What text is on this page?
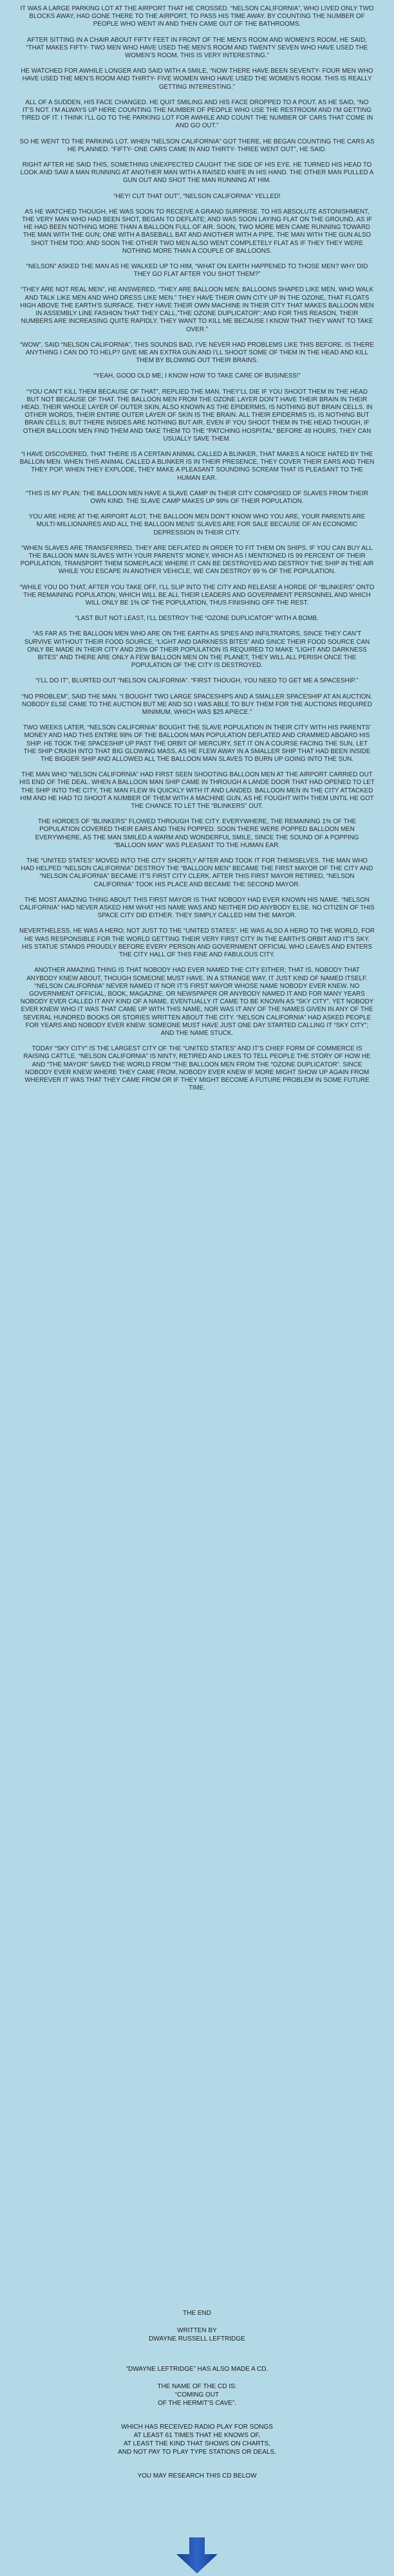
IT WAS A LARGE PARKING LOT AT THE AIRPORT THAT HE CROSSED. “NELSON CALIFORNIA”, WHO LIVED ONLY TWO BLOCKS AWAY, HAD GONE THERE TO THE AIRPORT, TO PASS HIS TIME AWAY. BY COUNTING THE NUMBER OF PEOPLE WHO WENT IN AND THEN CAME OUT OF THE BATHROOMS.

AFTER SITTING IN A CHAIR ABOUT FIFTY FEET IN FRONT OF THE MEN’S ROOM AND WOMEN’S ROOM, HE SAID, “THAT MAKES FIFTY- TWO MEN WHO HAVE USED THE MEN’S ROOM AND TWENTY SEVEN WHO HAVE USED THE WOMEN’S ROOM. THIS IS VERY INTERESTING.”

HE WATCHED FOR AWHILE LONGER AND SAID WITH A SMILE, “NOW THERE HAVE BEEN SEVENTY- FOUR MEN WHO HAVE USED THE MEN’S ROOM AND THIRTY- FIVE WOMEN WHO HAVE USED THE WOMEN’S ROOM. THIS IS REALLY GETTING INTERESTING.”

ALL OF A SUDDEN, HIS FACE CHANGED. HE QUIT SMILING AND HIS FACE DROPPED TO A POUT. AS HE SAID, “NO IT’S NOT. I’M ALWAYS UP HERE COUNTING THE NUMBER OF PEOPLE WHO USE THE RESTROOM AND I’M GETTING TIRED OF IT. I THINK I’LL GO TO THE PARKING LOT FOR AWHILE AND COUNT THE NUMBER OF CARS THAT COME IN AND GO OUT.”

SO HE WENT TO THE PARKING LOT. WHEN “NELSON CALIFORNIA” GOT THERE, HE BEGAN COUNTING THE CARS AS HE PLANNED. “FIFTY- ONE CARS CAME IN AND THIRTY- THREE WENT OUT”, HE SAID.

RIGHT AFTER HE SAID THIS, SOMETHING UNEXPECTED CAUGHT THE SIDE OF HIS EYE. HE TURNED HIS HEAD TO LOOK AND SAW A MAN RUNNING AT ANOTHER MAN WITH A RAISED KNIFE IN HIS HAND. THE OTHER MAN PULLED A GUN OUT AND SHOT THE MAN RUNNING AT HIM.

“HEY! CUT THAT OUT”, “NELSON CALIFORNIA” YELLED!

AS HE WATCHED THOUGH, HE WAS SOON TO RECEIVE A GRAND SURPRISE. TO HIS ABSOLUTE ASTONISHMENT, THE VERY MAN WHO HAD BEEN SHOT, BEGAN TO DEFLATE; AND WAS SOON LAYING FLAT ON THE GROUND, AS IF HE HAD BEEN NOTHING MORE THAN A BALLOON FULL OF AIR. SOON, TWO MORE MEN CAME RUNNING TOWARD THE MAN WITH THE GUN; ONE WITH A BASEBALL BAT AND ANOTHER WITH A PIPE. THE MAN WITH THE GUN ALSO SHOT THEM TOO; AND SOON THE OTHER TWO MEN ALSO WENT COMPLETELY FLAT AS IF THEY THEY WERE NOTHING MORE THAN A COUPLE OF BALLOONS.

“NELSON” ASKED THE MAN AS HE WALKED UP TO HIM, “WHAT ON EARTH HAPPENED TO THOSE MEN? WHY DID THEY GO FLAT AFTER YOU SHOT THEM?”

“THEY ARE NOT REAL MEN”, HE ANSWERED. “THEY ARE BALLOON MEN; BALLOONS SHAPED LIKE MEN, WHO WALK AND TALK LIKE MEN AND WHO DRESS LIKE MEN.” THEY HAVE THEIR OWN CITY UP IN THE OZONE, THAT FLOATS HIGH ABOVE THE EARTH’S SURFACE. THEY HAVE THEIR OWN MACHINE IN THEIR CITY THAT MAKES BALLOON MEN IN ASSEMBLY LINE FASHION THAT THEY CALL,”THE OZONE DUPLICATOR”; AND FOR THIS REASON, THEIR NUMBERS ARE INCREASING QUITE RAPIDLY. THEY WANT TO KILL ME BECAUSE I KNOW THAT THEY WANT TO TAKE OVER.”

“WOW”, SAID “NELSON CALIFORNIA”, THIS SOUNDS BAD, I’VE NEVER HAD PROBLEMS LIKE THIS BEFORE. IS THERE ANYTHING I CAN DO TO HELP? GIVE ME AN EXTRA GUN AND I’LL SHOOT SOME OF THEM IN THE HEAD AND KILL THEM BY BLOWING OUT THEIR BRAINS.

“YEAH, GOOD OLD ME; I KNOW HOW TO TAKE CARE OF BUSINESS!”

“YOU CAN’T KILL THEM BECAUSE OF THAT”, REPLIED THE MAN. THEY’LL DIE IF YOU SHOOT THEM IN THE HEAD BUT NOT BECAUSE OF THAT. THE BALLOON MEN FROM THE OZONE LAYER DON’T HAVE THEIR BRAIN IN THEIR HEAD. THEIR WHOLE LAYER OF OUTER SKIN, ALSO KNOWN AS THE EPIDERMIS, IS NOTHING BUT BRAIN CELLS. IN OTHER WORDS, THEIR ENTIRE OUTER LAYER OF SKIN IS THE BRAIN. ALL THEIR EPIDERMIS IS, IS NOTHING BUT BRAIN CELLS; BUT THERE INSIDES ARE NOTHING BUT AIR. EVEN IF YOU SHOOT THEM IN THE HEAD THOUGH, IF OTHER BALLOON MEN FIND THEM AND TAKE THEM TO THE “PATCHING HOSPITAL” BEFORE 48 HOURS, THEY CAN USUALLY SAVE THEM.

“I HAVE DISCOVERED, THAT THERE IS A CERTAIN ANIMAL CALLED A BLINKER, THAT MAKES A NOICE HATED BY THE BALLON MEN. WHEN THIS ANIMAL CALLED A BLINKER IS IN THEIR PRESENCE, THEY COVER THEIR EARS AND THEN THEY POP. WHEN THEY EXPLODE, THEY MAKE A PLEASANT SOUNDING SCREAM THAT IS PLEASANT TO THE HUMAN EAR.

“THIS IS MY PLAN: THE BALLOON MEN HAVE A SLAVE CAMP IN THEIR CITY COMPOSED OF SLAVES FROM THEIR OWN KIND. THE SLAVE CAMP MAKES UP 99% OF THEIR POPULATION.

YOU ARE HERE AT THE AIRPORT ALOT, THE BALLOON MEN DON’T KNOW WHO YOU ARE, YOUR PARENTS ARE MULTI-MILLIONAIRES AND ALL THE BALLOON MENS’ SLAVES ARE FOR SALE BECAUSE OF AN ECONOMIC DEPRESSION IN THEIR CITY.

“WHEN SLAVES ARE TRANSFERRED, THEY ARE DEFLATED IN ORDER TO FIT THEM ON SHIPS. IF YOU CAN BUY ALL THE BALLOON MAN SLAVES WITH YOUR PARENTS’ MONEY, WHICH AS I MENTIONED IS 99 PERCENT OF THEIR POPULATION, TRANSPORT THEM SOMEPLACE WHERE IT CAN BE DESTROYED AND DESTROY THE SHIP IN THE AIR WHILE YOU ESCAPE IN ANOTHER VEHICLE, WE CAN DESTROY 99 % OF THE POPULATION.

“WHILE YOU DO THAT, AFTER YOU TAKE OFF, I’LL SLIP INTO THE CITY AND RELEASE A HORDE OF “BLINKERS” ONTO THE REMAINING POPULATION, WHICH WILL BE ALL THEIR LEADERS AND GOVERNMENT PERSONNEL AND WHICH WILL ONLY BE 1% OF THE POPULATION, THUS FINISHING OFF THE REST.

“LAST BUT NOT LEAST, I’LL DESTROY THE “OZONE DUPLICATOR” WITH A BOMB.

“AS FAR AS THE BALLOON MEN WHO ARE ON THE EARTH AS SPIES AND INFILTRATORS, SINCE THEY CAN’T SURVIVE WITHOUT THEIR FOOD SOURCE, “LIGHT AND DARKNESS BITES” AND SINCE THEIR FOOD SOURCE CAN ONLY BE MADE IN THEIR CITY AND 25% OF THEIR POPULATION IS REQUIRED TO MAKE “LIGHT AND DARKNESS BITES” AND THERE ARE ONLY A FEW BALLOON MEN ON THE PLANET, THEY WILL ALL PERISH ONCE THE POPULATION OF THE CITY IS DESTROYED.

“I’LL DO IT”, BLURTED OUT “NELSON CALIFORNIA”. “FIRST THOUGH, YOU NEED TO GET ME A SPACESHIP.”

“NO PROBLEM”, SAID THE MAN. “I BOUGHT TWO LARGE SPACESHIPS AND A SMALLER SPACESHIP AT AN AUCTION. NOBODY ELSE CAME TO THE AUCTION BUT ME AND SO I WAS ABLE TO BUY THEM FOR THE AUCTIONS REQUIRED MINIMUM, WHICH WAS $25 APIECE.”

TWO WEEKS LATER, “NELSON CALIFORNIA” BOUGHT THE SLAVE POPULATION IN THEIR CITY WITH HIS PARENTS’ MONEY AND HAD THIS ENTIRE 99% OF THE BALLOON MAN POPULATION DEFLATED AND CRAMMED ABOARD HIS SHIP. HE TOOK THE SPACESHIP UP PAST THE ORBIT OF MERCURY, SET IT ON A COURSE FACING THE SUN, LET THE SHIP CRASH INTO THAT BIG GLOWING MASS, AS HE FLEW AWAY IN A SMALLER SHIP THAT HAD BEEN INSIDE THE BIGGER SHIP AND ALLOWED ALL THE BALLOON MAN SLAVES TO BURN UP GOING INTO THE SUN.

THE MAN WHO “NELSON CALIFORNIA” HAD FIRST SEEN SHOOTING BALLOON MEN AT THE AIRPORT CARRIED OUT HIS END OF THE DEAL. WHEN A BALLOON MAN SHIP CAME IN THROUGH A LANDE DOOR THAT HAD OPENED TO LET THE SHIP INTO THE CITY, THE MAN FLEW IN QUICKLY WITH IT AND LANDED. BALLOON MEN IN THE CITY ATTACKED HIM AND HE HAD TO SHOOT A NUMBER OF THEM WITH A MACHINE GUN, AS HE FOUGHT WITH THEM UNTIL HE GOT THE CHANCE TO LET THE “BLINKERS” OUT.

THE HORDES OF “BLINKERS” FLOWED THROUGH THE CITY. EVERYWHERE, THE REMAINING 1% OF THE POPULATION COVERED THEIR EARS AND THEN POPPED. SOON THERE WERE POPPED BALLOON MEN EVERYWHERE, AS THE MAN SMILED A WARM AND WONDERFUL SMILE, SINCE THE SOUND OF A POPPING “BALLOON MAN” WAS PLEASANT TO THE HUMAN EAR.

THE “UNITED STATES” MOVED INTO THE CITY SHORTLY AFTER AND TOOK IT FOR THEMSELVES. THE MAN WHO HAD HELPED “NELSON CALIFORNIA” DESTROY THE “BALLOON MEN” BECAME THE FIRST MAYOR OF THE CITY AND “NELSON CALIFORNIA” BECAME IT’S FIRST CITY CLERK. AFTER THIS FIRST MAYOR RETIRED, “NELSON CALIFORNIA” TOOK HIS PLACE AND BECAME THE SECOND MAYOR.

THE MOST AMAZING THING ABOUT THIS FIRST MAYOR IS THAT NOBODY HAD EVER KNOWN HIS NAME. “NELSON CALIFORNIA” HAD NEVER ASKED HIM WHAT HIS NAME WAS AND NEITHER DID ANYBODY ELSE. NO CITIZEN OF THIS SPACE CITY DID EITHER. THEY SIMPLY CALLED HIM THE MAYOR.

NEVERTHELESS, HE WAS A HERO; NOT JUST TO THE “UNITED STATES”. HE WAS ALSO A HERO TO THE WORLD, FOR HE WAS RESPONSIBLE FOR THE WORLD GETTING THEIR VERY FIRST CITY IN THE EARTH’S ORBIT AND IT’S SKY. HIS STATUE STANDS PROUDLY BEFORE EVERY PERSON AND GOVERNMENT OFFICIAL WHO LEAVES AND ENTERS THE CITY HALL OF THIS FINE AND FABULOUS CITY.

ANOTHER AMAZING THING IS THAT NOBODY HAD EVER NAMED THE CITY EITHER; THAT IS, NOBODY THAT ANYBODY KNEW ABOUT, THOUGH SOMEONE MUST HAVE. IN A STRANGE WAY, IT JUST KIND OF NAMED ITSELF. “NELSON CALIFORNIA” NEVER NAMED IT NOR IT’S FIRST MAYOR WHOSE NAME NOBODY EVER KNEW. NO GOVERNMENT OFFICIAL, BOOK, MAGAZINE, OR NEWSPAPER OR ANYBODY NAMED IT AND FOR MANY YEARS NOBODY EVER CALLED IT ANY KIND OF A NAME. EVENTUALLY IT CAME TO BE KNOWN AS “SKY CITY”. YET NOBODY EVER KNEW WHO IT WAS THAT CAME UP WITH THIS NAME, NOR WAS IT ANY OF THE NAMES GIVEN IN ANY OF THE SEVERAL HUNDRED BOOKS OR STORIES WRITTEN ABOUT THE CITY. “NELSON CALIFORNIA” HAD ASKED PEOPLE FOR YEARS AND NOBODY EVER KNEW. SOMEONE MUST HAVE JUST ONE DAY STARTED CALLING IT “SKY CITY”; AND THE NAME STUCK.

TODAY “SKY CITY” IS THE LARGEST CITY OF THE “UNITED STATES” AND IT’S CHIEF FORM OF COMMERCE IS RAISING CATTLE. “NELSON CALIFORNIA” IS NINTY, RETIRED AND LIKES TO TELL PEOPLE THE STORY OF HOW HE AND “THE MAYOR” SAVED THE WORLD FROM “THE BALLOON MEN FROM THE “OZONE DUPLICATOR”. SINCE NOBODY EVER KNEW WHERE THEY CAME FROM, NOBODY EVER KNEW IF MORE MIGHT SHOW UP AGAIN FROM WHEREVER IT WAS THAT THEY CAME FROM OR IF THEY MIGHT BECOME A FUTURE PROBLEM IN SOME FUTURE TIME.

THE END
WRITTEN BY
DWAYNE RUSSELL LEFTRIDGE
“DWAYNE LEFTRIDGE” HAS ALSO MADE A CD.
THE NAME OF THE CD IS:
“COMING OUT
OF THE HERMIT’S CAVE”.
WHICH HAS RECEIVED RADIO PLAY FOR SONGS
AT LEAST 61 TIMES THAT HE KNOWS OF,
AT LEAST THE KIND THAT SHOWS ON CHARTS,
AND NOT PAY TO PLAY TYPE STATIONS OR DEALS.
YOU MAY RESEARCH THIS CD BELOW
